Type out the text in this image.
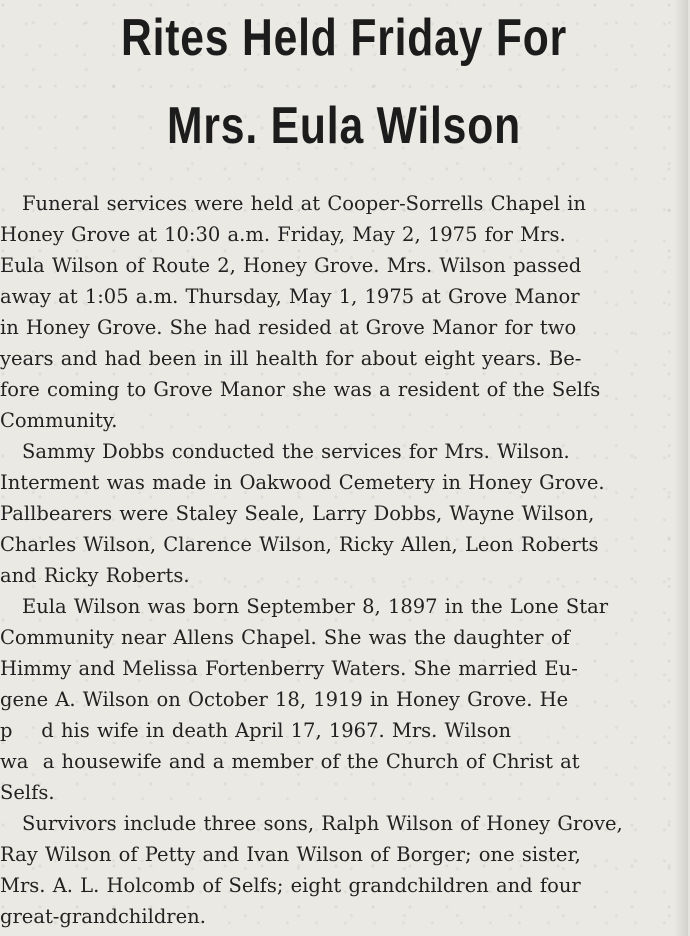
Rites Held Friday For
Mrs. Eula Wilson
Funeral services were held at Cooper-Sorrells Chapel in
Honey Grove at 10:30 a.m. Friday, May 2, 1975 for Mrs.
Eula Wilson of Route 2, Honey Grove. Mrs. Wilson passed
away at 1:05 a.m. Thursday, May 1, 1975 at Grove Manor
in Honey Grove. She had resided at Grove Manor for two
years and had been in ill health for about eight years. Be-
fore coming to Grove Manor she was a resident of the Selfs
Community.
Sammy Dobbs conducted the services for Mrs. Wilson.
Interment was made in Oakwood Cemetery in Honey Grove.
Pallbearers were Staley Seale, Larry Dobbs, Wayne Wilson,
Charles Wilson, Clarence Wilson, Ricky Allen, Leon Roberts
and Ricky Roberts.
Eula Wilson was born September 8, 1897 in the Lone Star
Community near Allens Chapel. She was the daughter of
Himmy and Melissa Fortenberry Waters. She married Eu-
gene A. Wilson on October 18, 1919 in Honey Grove. He
p    d his wife in death April 17, 1967. Mrs. Wilson
wa  a housewife and a member of the Church of Christ at
Selfs.
Survivors include three sons, Ralph Wilson of Honey Grove,
Ray Wilson of Petty and Ivan Wilson of Borger; one sister,
Mrs. A. L. Holcomb of Selfs; eight grandchildren and four
great-grandchildren.
